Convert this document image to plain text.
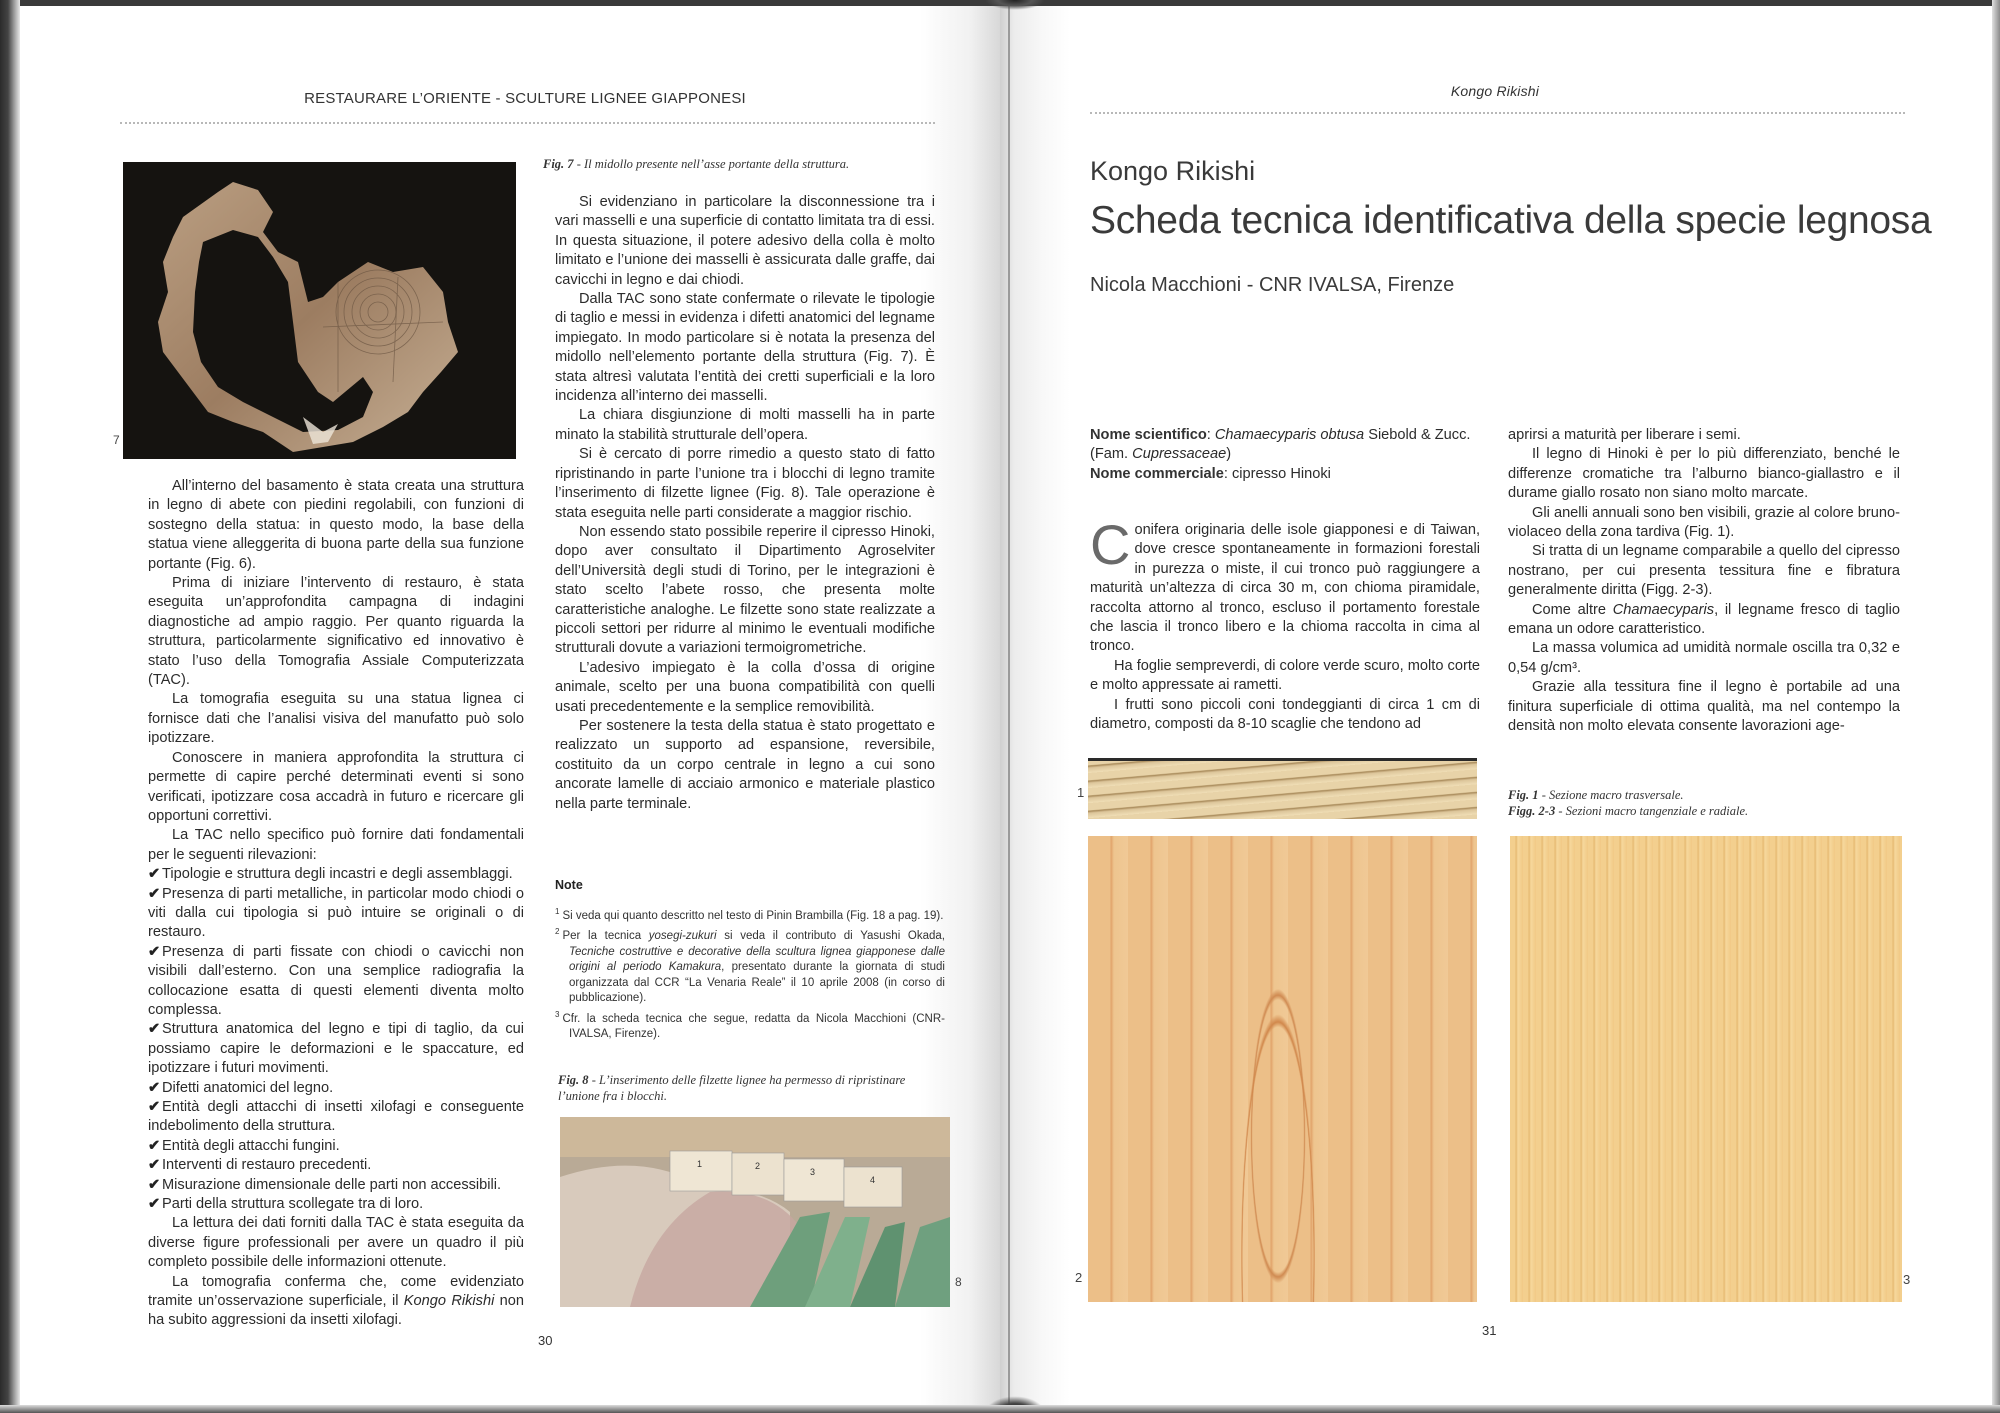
RESTAURARE L’ORIENTE - SCULTURE LIGNEE GIAPPONESI
7
Fig. 7 - Il midollo presente nell’asse portante della struttura.

All’interno del basamento è stata creata una struttura in legno di abete con piedini regolabili, con funzioni di sostegno della statua: in questo modo, la base della statua viene alleggerita di buona parte della sua funzione portante (Fig. 6).

Prima di iniziare l’intervento di restauro, è stata eseguita un’approfondita campagna di indagini diagnostiche ad ampio raggio. Per quanto riguarda la struttura, particolarmente significativo ed innovativo è stato l’uso della Tomografia Assiale Computerizzata (TAC).

La tomografia eseguita su una statua lignea ci fornisce dati che l’analisi visiva del manufatto può solo ipotizzare.

Conoscere in maniera approfondita la struttura ci permette di capire perché determinati eventi si sono verificati, ipotizzare cosa accadrà in futuro e ricercare gli opportuni correttivi.

La TAC nello specifico può fornire dati fondamentali per le seguenti rilevazioni:

✔ Tipologie e struttura degli incastri e degli assemblaggi.
✔ Presenza di parti metalliche, in particolar modo chiodi o viti dalla cui tipologia si può intuire se originali o di restauro.
✔ Presenza di parti fissate con chiodi o cavicchi non visibili dall’esterno. Con una semplice radiografia la collocazione esatta di questi elementi diventa molto complessa.
✔ Struttura anatomica del legno e tipi di taglio, da cui possiamo capire le deformazioni e le spaccature, ed ipotizzare i futuri movimenti.
✔ Difetti anatomici del legno.
✔ Entità degli attacchi di insetti xilofagi e conseguente indebolimento della struttura.
✔ Entità degli attacchi fungini.
✔ Interventi di restauro precedenti.
✔ Misurazione dimensionale delle parti non accessibili.
✔ Parti della struttura scollegate tra di loro.

La lettura dei dati forniti dalla TAC è stata eseguita da diverse figure professionali per avere un quadro il più completo possibile delle informazioni ottenute.

La tomografia conferma che, come evidenziato tramite un’osservazione superficiale, il Kongo Rikishi non ha subito aggressioni da insetti xilofagi.

Si evidenziano in particolare la disconnessione tra i vari masselli e una superficie di contatto limitata tra di essi. In questa situazione, il potere adesivo della colla è molto limitato e l’unione dei masselli è assicurata dalle graffe, dai cavicchi in legno e dai chiodi.

Dalla TAC sono state confermate o rilevate le tipologie di taglio e messi in evidenza i difetti anatomici del legname impiegato. In modo particolare si è notata la presenza del midollo nell’elemento portante della struttura (Fig. 7). È stata altresì valutata l’entità dei cretti superficiali e la loro incidenza all’interno dei masselli.

La chiara disgiunzione di molti masselli ha in parte minato la stabilità strutturale dell’opera.

Si è cercato di porre rimedio a questo stato di fatto ripristinando in parte l’unione tra i blocchi di legno tramite l’inserimento di filzette lignee (Fig. 8). Tale operazione è stata eseguita nelle parti considerate a maggior rischio.

Non essendo stato possibile reperire il cipresso Hinoki, dopo aver consultato il Dipartimento Agroselviter dell’Università degli studi di Torino, per le integrazioni è stato scelto l’abete rosso, che presenta molte caratteristiche analoghe. Le filzette sono state realizzate a piccoli settori per ridurre al minimo le eventuali modifiche strutturali dovute a variazioni termoigrometriche.

L’adesivo impiegato è la colla d’ossa di origine animale, scelto per una buona compatibilità con quelli usati precedentemente e la semplice removibilità.

Per sostenere la testa della statua è stato progettato e realizzato un supporto ad espansione, reversibile, costituito da un corpo centrale in legno a cui sono ancorate lamelle di acciaio armonico e materiale plastico nella parte terminale.

Note
$^1$ Si veda qui quanto descritto nel testo di Pinin Brambilla (Fig. 18 a pag. 19).
$^2$ Per la tecnica yosegi-zukuri si veda il contributo di Yasushi Okada, Tecniche costruttive e decorative della scultura lignea giapponese dalle origini al periodo Kamakura, presentato durante la giornata di studi organizzata dal CCR “La Venaria Reale” il 10 aprile 2008 (in corso di pubblicazione).
$^3$ Cfr. la scheda tecnica che segue, redatta da Nicola Macchioni (CNR-IVALSA, Firenze).
Fig. 8 - L’inserimento delle filzette lignee ha permesso di ripristinare l’unione fra i blocchi.
1	2
3
4
8
30
Kongo Rikishi
Kongo Rikishi
Scheda tecnica identificativa della specie legnosa
Nicola Macchioni - CNR IVALSA, Firenze
Nome scientifico: Chamaecyparis obtusa Siebold & Zucc. (Fam. Cupressaceae)
Nome commerciale: cipresso Hinoki

Conifera originaria delle isole giapponesi e di Taiwan, dove cresce spontaneamente in formazioni forestali in purezza o miste, il cui tronco può raggiungere a maturità un’altezza di circa 30 m, con chioma piramidale, raccolta attorno al tronco, escluso il portamento forestale che lascia il tronco libero e la chioma raccolta in cima al tronco.

Ha foglie sempreverdi, di colore verde scuro, molto corte e molto appressate ai rametti.

I frutti sono piccoli coni tondeggianti di circa 1 cm di diametro, composti da 8-10 scaglie che tendono ad

aprirsi a maturità per liberare i semi.

Il legno di Hinoki è per lo più differenziato, benché le differenze cromatiche tra l’alburno bianco-giallastro e il durame giallo rosato non siano molto marcate.

Gli anelli annuali sono ben visibili, grazie al colore bruno-violaceo della zona tardiva (Fig. 1).

Si tratta di un legname comparabile a quello del cipresso nostrano, per cui presenta tessitura fine e fibratura generalmente diritta (Figg. 2-3).

Come altre Chamaecyparis, il legname fresco di taglio emana un odore caratteristico.

La massa volumica ad umidità normale oscilla tra 0,32 e 0,54 g/cm³.

Grazie alla tessitura fine il legno è portabile ad una finitura superficiale di ottima qualità, ma nel contempo la densità non molto elevata consente lavorazioni age-

1	Fig. 1 - Sezione macro trasversale.
Figg. 2-3 - Sezioni macro tangenziale e radiale.
2	3
31
